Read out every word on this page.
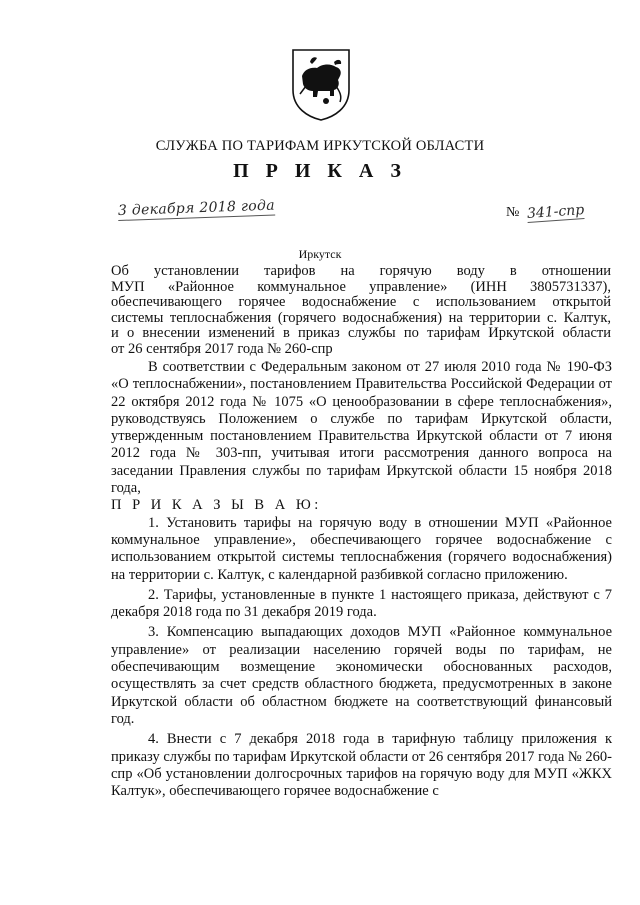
СЛУЖБА ПО ТАРИФАМ ИРКУТСКОЙ ОБЛАСТИ
П Р И К А З
3 декабря 2018 года	№ 341-спр
Иркутск
Об установлении тарифов на горячую воду в отношении
МУП «Районное коммунальное управление» (ИНН 3805731337),
обеспечивающего горячее водоснабжение с использованием открытой
системы теплоснабжения (горячего водоснабжения) на территории с. Калтук,
и о внесении изменений в приказ службы по тарифам Иркутской области
от 26 сентября 2017 года № 260-спр

В соответствии с Федеральным законом от 27 июля 2010 года № 190-ФЗ «О теплоснабжении», постановлением Правительства Российской Федерации от 22 октября 2012 года № 1075 «О ценообразовании в сфере теплоснабжения», руководствуясь Положением о службе по тарифам Иркутской области, утвержденным постановлением Правительства Иркутской области от 7 июня 2012 года № 303-пп, учитывая итоги рассмотрения данного вопроса на заседании Правления службы по тарифам Иркутской области 15 ноября 2018 года,

П Р И К А З Ы В А Ю:

1. Установить тарифы на горячую воду в отношении МУП «Районное коммунальное управление», обеспечивающего горячее водоснабжение с использованием открытой системы теплоснабжения (горячего водоснабжения) на территории с. Калтук, с календарной разбивкой согласно приложению.

2. Тарифы, установленные в пункте 1 настоящего приказа, действуют с 7 декабря 2018 года по 31 декабря 2019 года.

3. Компенсацию выпадающих доходов МУП «Районное коммунальное управление» от реализации населению горячей воды по тарифам, не обеспечивающим возмещение экономически обоснованных расходов, осуществлять за счет средств областного бюджета, предусмотренных в законе Иркутской области об областном бюджете на соответствующий финансовый год.

4. Внести с 7 декабря 2018 года в тарифную таблицу приложения к приказу службы по тарифам Иркутской области от 26 сентября 2017 года № 260-спр «Об установлении долгосрочных тарифов на горячую воду для МУП «ЖКХ Калтук», обеспечивающего горячее водоснабжение с
